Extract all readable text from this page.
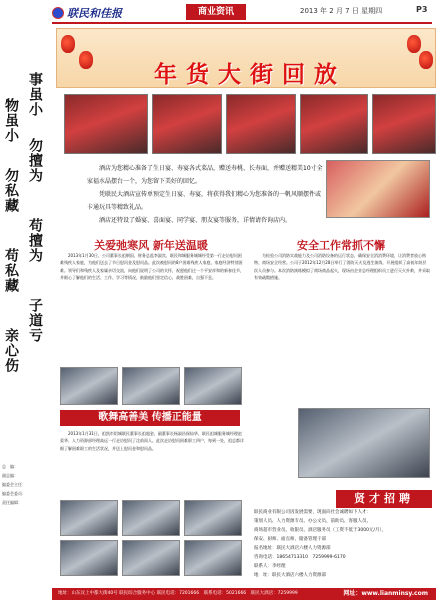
联民和佳报	商业资讯	2013 年 2 月 7 日 星期四	P3
事虽小
勿擅为
物虽小
勿私藏
苟擅为
子道亏
苟私藏
亲心伤
总　编：
副总编：
编委会主任：
编委会委员：
责任编辑：
年货大街回放

酒店为您精心准备了生日宴、寿宴各式菜品，赠送寿桃、长寿面，并赠送精美10寸全家福水晶摆台一个，为您留下美好的回忆。

凭联民大酒店宣传单预定生日宴、寿宴，将获得我们精心为您准备的一帆风顺摆件或卡通玩具等精致礼品。

酒店还特设了婚宴、喜面宴、同学宴、朋友宴等服务，详情请咨询店内。

关爱弛寒风 新年送温暖
2013年1月30日，公司董事长祖朝国、财务总监李淑宾、联民和城服务城城经受第一行走访慰问困难残疾人家庭，为他们送去了节日慰问金及慰问品。此次被慰问的8户困难残疾人家庭，家庭经济特别困难。领导们和残疾人及家属亲切交流，向他们说明了公司的关怀，祝愿他们过一个平安祥和的新春佳节，并细心了解他们的生活、工作、学习等情况，鼓励他们坚定信心，战胜困难，自强不息。
安全工作常抓不懈
为检验公司消防实战能力及公司消防设备的运行状态，确保安全消消费环境，让消费者放心购物、商场安全经营。公司于2012年12月28日举行了消防灭火及逃生演练，开展组织了高低年龄层次人员参与。本次消防演练模拟了商场商品起火，现场由企业总经理组织员工进行灭火扑救，并采取有效疏散措施。
歌舞高善美 传播正能量
2013年1月31日，祖凯市铝城联民董事长祖超金、副董事长杨淑昌保仙华、联民祖城服务城经理赵爱华、人力资源部经理高远一行走访慰问了洼前雨人。此次走访慰问困难职工四户，每到一处，祖总都详细了解困难职工的生活状况，并送上慰问金和慰问品。
贤才招聘

联民商业有限公司因发展需要，现面向社会诚聘如下人才：

策划人员、人力资源专员、办公文员、前助员、客服人员、

商场超市营业员、收银员、酒店服务员（工资不低于3000元/月），

保安、厨师、面点师、储备管理干部

报名地址：联民大酒店六楼人力资源部

咨询电话：18654713310　7259999-6170

联系人：李经理

地　址：联民大酒店六楼人力资源部

地址：山东汶上中都大街40号 联民综合服务中心 联民电话：7201666　联系电话：5021666　联民大酒店：7259999	网址：www.lianminsy.com
